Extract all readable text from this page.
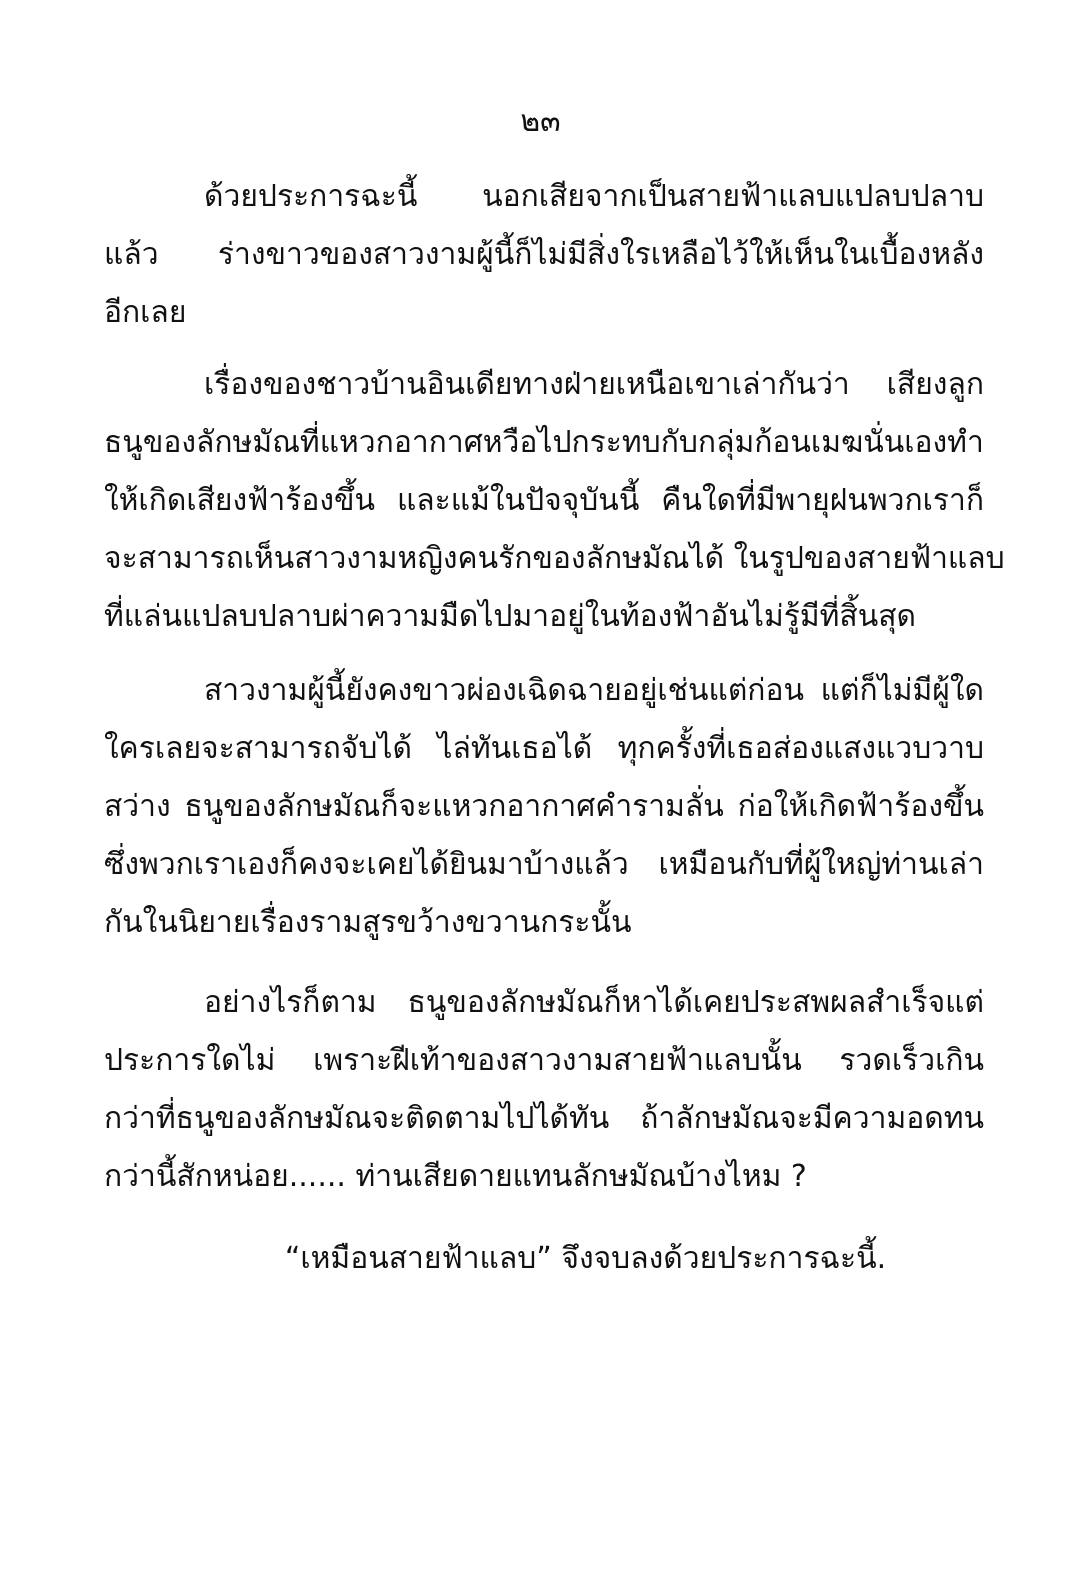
๒๓
ด้วยประการฉะนี้ นอกเสียจากเป็นสายฟ้าแลบแปลบปลาบ
แล้ว ร่างขาวของสาวงามผู้นี้ก็ไม่มีสิ่งใรเหลือไว้ให้เห็นในเบื้องหลัง
อีกเลย
เรื่องของชาวบ้านอินเดียทางฝ่ายเหนือเขาเล่ากันว่า เสียงลูก
ธนูของลักษมัณที่แหวกอากาศหวือไปกระทบกับกลุ่มก้อนเมฆนั่นเองทำ
ให้เกิดเสียงฟ้าร้องขึ้น และแม้ในปัจจุบันนี้ คืนใดที่มีพายุฝนพวกเราก็
จะสามารถเห็นสาวงามหญิงคนรักของลักษมัณได้ ในรูปของสายฟ้าแลบ
ที่แล่นแปลบปลาบผ่าความมืดไปมาอยู่ในท้องฟ้าอันไม่รู้มีที่สิ้นสุด
สาวงามผู้นี้ยังคงขาวผ่องเฉิดฉายอยู่เช่นแต่ก่อน แต่ก็ไม่มีผู้ใด
ใครเลยจะสามารถจับได้ ไล่ทันเธอได้ ทุกครั้งที่เธอส่องแสงแวบวาบ
สว่าง ธนูของลักษมัณก็จะแหวกอากาศคำรามลั่น ก่อให้เกิดฟ้าร้องขึ้น
ซึ่งพวกเราเองก็คงจะเคยได้ยินมาบ้างแล้ว เหมือนกับที่ผู้ใหญ่ท่านเล่า
กันในนิยายเรื่องรามสูรขว้างขวานกระนั้น
อย่างไรก็ตาม ธนูของลักษมัณก็หาได้เคยประสพผลสำเร็จแต่
ประการใดไม่ เพราะฝีเท้าของสาวงามสายฟ้าแลบนั้น รวดเร็วเกิน
กว่าที่ธนูของลักษมัณจะติดตามไปได้ทัน ถ้าลักษมัณจะมีความอดทน
กว่านี้สักหน่อย...... ท่านเสียดายแทนลักษมัณบ้างไหม ?
“เหมือนสายฟ้าแลบ” จึงจบลงด้วยประการฉะนี้.
